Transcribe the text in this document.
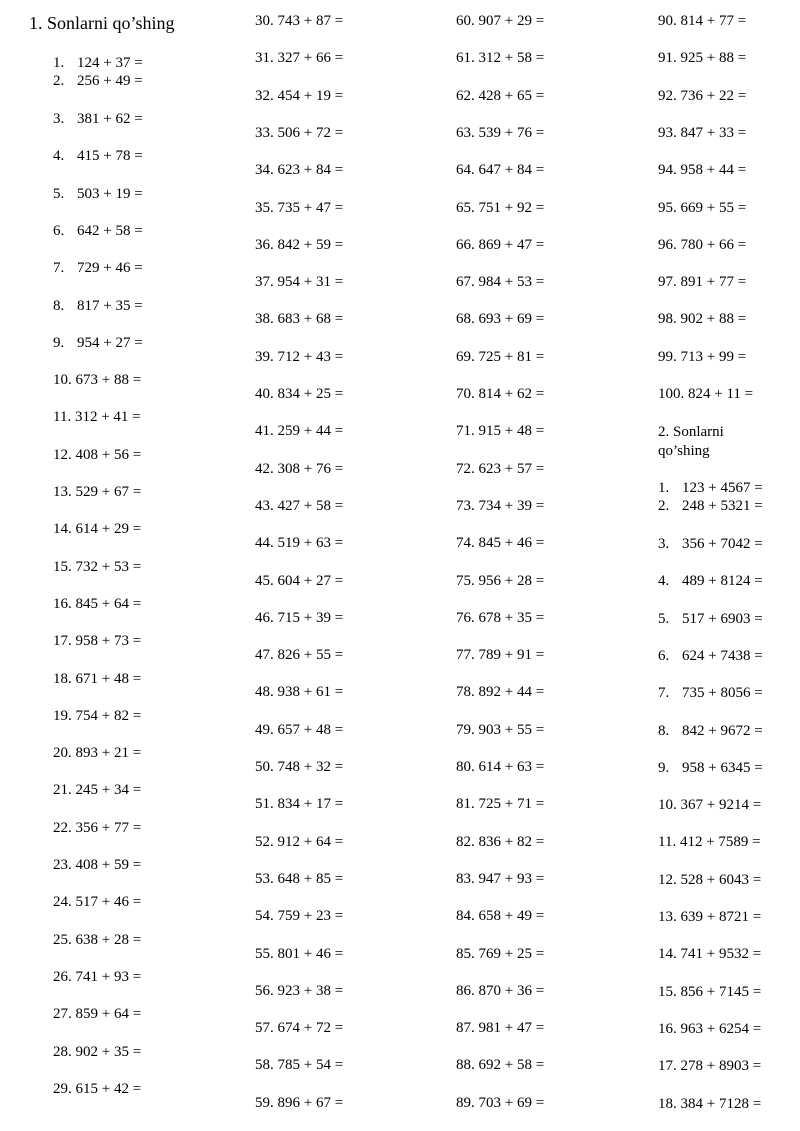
1. Sonlarni qo’shing
1. 124 + 37 =
2. 256 + 49 =
3. 381 + 62 =
4. 415 + 78 =
5. 503 + 19 =
6. 642 + 58 =
7. 729 + 46 =
8. 817 + 35 =
9. 954 + 27 =
10. 673 + 88 =
11. 312 + 41 =
12. 408 + 56 =
13. 529 + 67 =
14. 614 + 29 =
15. 732 + 53 =
16. 845 + 64 =
17. 958 + 73 =
18. 671 + 48 =
19. 754 + 82 =
20. 893 + 21 =
21. 245 + 34 =
22. 356 + 77 =
23. 408 + 59 =
24. 517 + 46 =
25. 638 + 28 =
26. 741 + 93 =
27. 859 + 64 =
28. 902 + 35 =
29. 615 + 42 =
30. 743 + 87 =
31. 327 + 66 =
32. 454 + 19 =
33. 506 + 72 =
34. 623 + 84 =
35. 735 + 47 =
36. 842 + 59 =
37. 954 + 31 =
38. 683 + 68 =
39. 712 + 43 =
40. 834 + 25 =
41. 259 + 44 =
42. 308 + 76 =
43. 427 + 58 =
44. 519 + 63 =
45. 604 + 27 =
46. 715 + 39 =
47. 826 + 55 =
48. 938 + 61 =
49. 657 + 48 =
50. 748 + 32 =
51. 834 + 17 =
52. 912 + 64 =
53. 648 + 85 =
54. 759 + 23 =
55. 801 + 46 =
56. 923 + 38 =
57. 674 + 72 =
58. 785 + 54 =
59. 896 + 67 =
60. 907 + 29 =
61. 312 + 58 =
62. 428 + 65 =
63. 539 + 76 =
64. 647 + 84 =
65. 751 + 92 =
66. 869 + 47 =
67. 984 + 53 =
68. 693 + 69 =
69. 725 + 81 =
70. 814 + 62 =
71. 915 + 48 =
72. 623 + 57 =
73. 734 + 39 =
74. 845 + 46 =
75. 956 + 28 =
76. 678 + 35 =
77. 789 + 91 =
78. 892 + 44 =
79. 903 + 55 =
80. 614 + 63 =
81. 725 + 71 =
82. 836 + 82 =
83. 947 + 93 =
84. 658 + 49 =
85. 769 + 25 =
86. 870 + 36 =
87. 981 + 47 =
88. 692 + 58 =
89. 703 + 69 =
90. 814 + 77 =
91. 925 + 88 =
92. 736 + 22 =
93. 847 + 33 =
94. 958 + 44 =
95. 669 + 55 =
96. 780 + 66 =
97. 891 + 77 =
98. 902 + 88 =
99. 713 + 99 =
100. 824 + 11 =
2. Sonlarni
qo’shing
1. 123 + 4567 =
2. 248 + 5321 =
3. 356 + 7042 =
4. 489 + 8124 =
5. 517 + 6903 =
6. 624 + 7438 =
7. 735 + 8056 =
8. 842 + 9672 =
9. 958 + 6345 =
10. 367 + 9214 =
11. 412 + 7589 =
12. 528 + 6043 =
13. 639 + 8721 =
14. 741 + 9532 =
15. 856 + 7145 =
16. 963 + 6254 =
17. 278 + 8903 =
18. 384 + 7128 =
